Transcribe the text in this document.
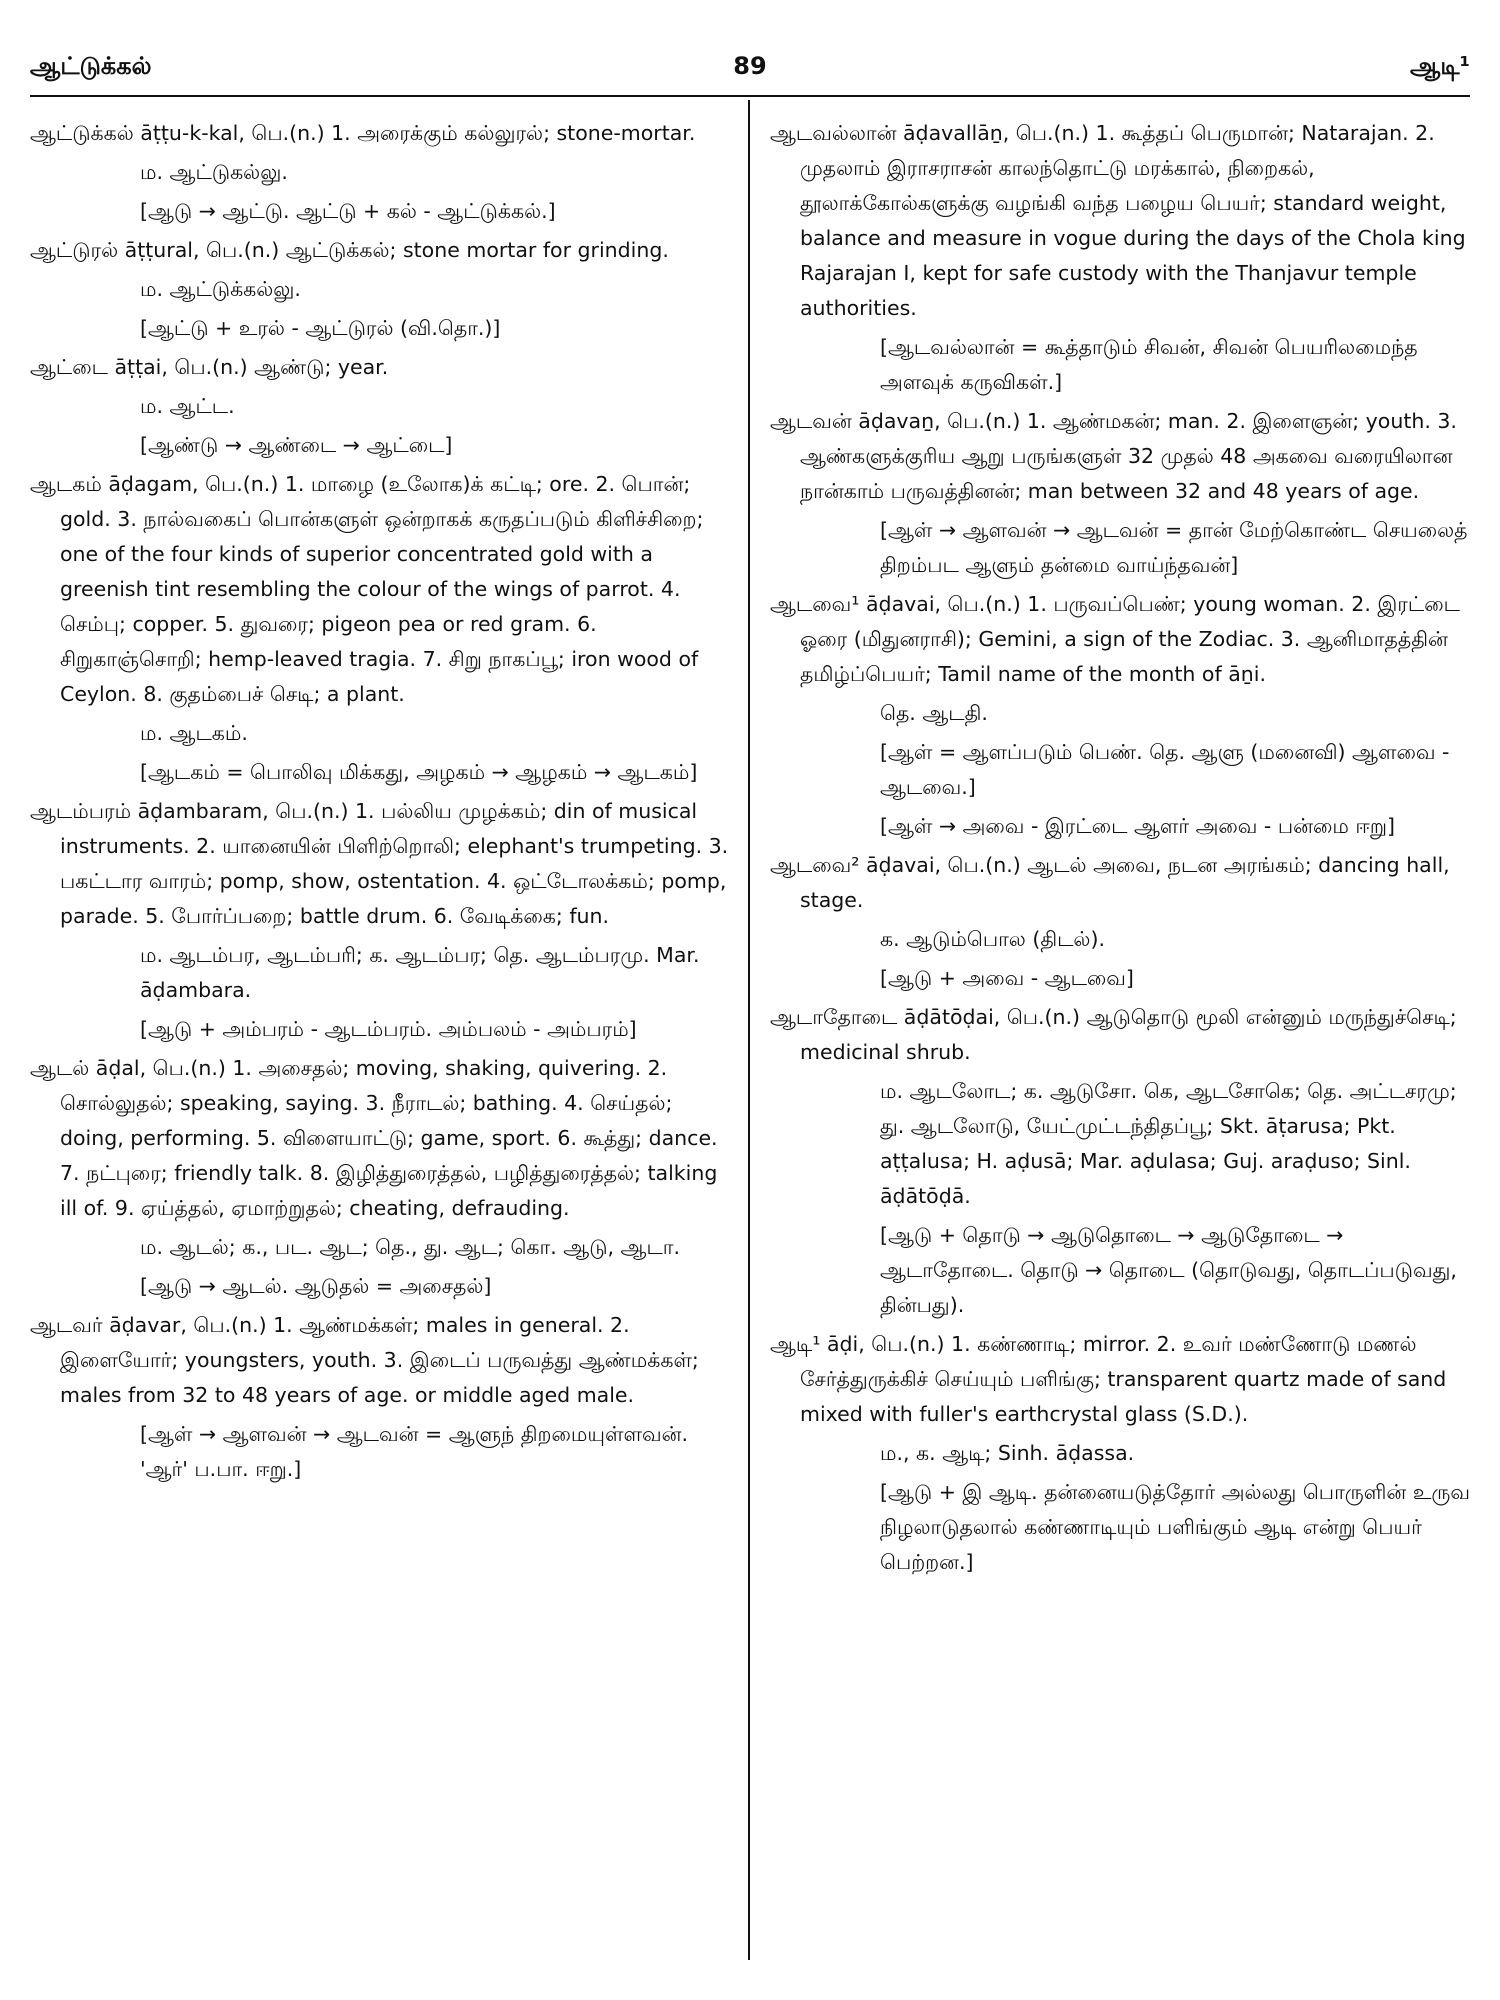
ஆட்டுக்கல்	89	ஆடி¹

ஆட்டுக்கல் āṭṭu-k-kal, பெ.(n.) 1. அரைக்கும் கல்லுரல்; stone-mortar.

ம. ஆட்டுகல்லு.

[ஆடு → ஆட்டு. ஆட்டு + கல் - ஆட்டுக்கல்.]

ஆட்டுரல் āṭṭural, பெ.(n.) ஆட்டுக்கல்; stone mortar for grinding.

ம. ஆட்டுக்கல்லு.

[ஆட்டு + உரல் - ஆட்டுரல் (வி.தொ.)]

ஆட்டை āṭṭai, பெ.(n.) ஆண்டு; year.

ம. ஆட்ட.

[ஆண்டு → ஆண்டை → ஆட்டை]

ஆடகம் āḍagam, பெ.(n.) 1. மாழை (உலோக)க் கட்டி; ore. 2. பொன்; gold. 3. நால்வகைப் பொன்களுள் ஒன்றாகக் கருதப்படும் கிளிச்சிறை; one of the four kinds of superior concentrated gold with a greenish tint resembling the colour of the wings of parrot. 4. செம்பு; copper. 5. துவரை; pigeon pea or red gram. 6. சிறுகாஞ்சொறி; hemp-leaved tragia. 7. சிறு நாகப்பூ; iron wood of Ceylon. 8. குதம்பைச் செடி; a plant.

ம. ஆடகம்.

[ஆடகம் = பொலிவு மிக்கது, அழகம் → ஆழகம் → ஆடகம்]

ஆடம்பரம் āḍambaram, பெ.(n.) 1. பல்லிய முழக்கம்; din of musical instruments. 2. யானையின் பிளிற்றொலி; elephant's trumpeting. 3. பகட்டார வாரம்; pomp, show, ostentation. 4. ஒட்டோலக்கம்; pomp, parade. 5. போர்ப்பறை; battle drum. 6. வேடிக்கை; fun.

ம. ஆடம்பர, ஆடம்பரி; க. ஆடம்பர; தெ. ஆடம்பரமு. Mar. āḍambara.

[ஆடு + அம்பரம் - ஆடம்பரம். அம்பலம் - அம்பரம்]

ஆடல் āḍal, பெ.(n.) 1. அசைதல்; moving, shaking, quivering. 2. சொல்லுதல்; speaking, saying. 3. நீராடல்; bathing. 4. செய்தல்; doing, performing. 5. விளையாட்டு; game, sport. 6. கூத்து; dance. 7. நட்புரை; friendly talk. 8. இழித்துரைத்தல், பழித்துரைத்தல்; talking ill of. 9. ஏய்த்தல், ஏமாற்றுதல்; cheating, defrauding.

ம. ஆடல்; க., பட. ஆட; தெ., து. ஆட; கொ. ஆடு, ஆடா.

[ஆடு → ஆடல். ஆடுதல் = அசைதல்]

ஆடவர் āḍavar, பெ.(n.) 1. ஆண்மக்கள்; males in general. 2. இளையோர்; youngsters, youth. 3. இடைப் பருவத்து ஆண்மக்கள்; males from 32 to 48 years of age. or middle aged male.

[ஆள் → ஆளவன் → ஆடவன் = ஆளுந் திறமையுள்ளவன். 'ஆர்' ப.பா. ஈறு.]

ஆடவல்லான் āḍavallāṉ, பெ.(n.) 1. கூத்தப் பெருமான்; Natarajan. 2. முதலாம் இராசராசன் காலந்தொட்டு மரக்கால், நிறைகல், தூலாக்கோல்களுக்கு வழங்கி வந்த பழைய பெயர்; standard weight, balance and measure in vogue during the days of the Chola king Rajarajan I, kept for safe custody with the Thanjavur temple authorities.

[ஆடவல்லான் = கூத்தாடும் சிவன், சிவன் பெயரிலமைந்த அளவுக் கருவிகள்.]

ஆடவன் āḍavaṉ, பெ.(n.) 1. ஆண்மகன்; man. 2. இளைஞன்; youth. 3. ஆண்களுக்குரிய ஆறு பருங்களுள் 32 முதல் 48 அகவை வரையிலான நான்காம் பருவத்தினன்; man between 32 and 48 years of age.

[ஆள் → ஆளவன் → ஆடவன் = தான் மேற்கொண்ட செயலைத் திறம்பட ஆளும் தன்மை வாய்ந்தவன்]

ஆடவை¹ āḍavai, பெ.(n.) 1. பருவப்பெண்; young woman. 2. இரட்டை ஓரை (மிதுனராசி); Gemini, a sign of the Zodiac. 3. ஆனிமாதத்தின் தமிழ்ப்பெயர்; Tamil name of the month of āṉi.

தெ. ஆடதி.

[ஆள் = ஆளப்படும் பெண். தெ. ஆளு (மனைவி) ஆளவை - ஆடவை.]

[ஆள் → அவை - இரட்டை ஆளர் அவை - பன்மை ஈறு]

ஆடவை² āḍavai, பெ.(n.) ஆடல் அவை, நடன அரங்கம்; dancing hall, stage.

க. ஆடும்பொல (திடல்).

[ஆடு + அவை - ஆடவை]

ஆடாதோடை āḍātōḍai, பெ.(n.) ஆடுதொடு மூலி என்னும் மருந்துச்செடி; medicinal shrub.

ம. ஆடலோட; க. ஆடுசோ. கெ, ஆடசோகெ; தெ. அட்டசரமு; து. ஆடலோடு, யேட்முட்டந்திதப்பூ; Skt. āṭarusa; Pkt. aṭṭalusa; H. aḍusā; Mar. aḍulasa; Guj. araḍuso; Sinl. āḍātōḍā.

[ஆடு + தொடு → ஆடுதொடை → ஆடுதோடை → ஆடாதோடை. தொடு → தொடை (தொடுவது, தொடப்படுவது, தின்பது).

ஆடி¹ āḍi, பெ.(n.) 1. கண்ணாடி; mirror. 2. உவர் மண்ணோடு மணல் சேர்த்துருக்கிச் செய்யும் பளிங்கு; transparent quartz made of sand mixed with fuller's earthcrystal glass (S.D.).

ம., க. ஆடி; Sinh. āḍassa.

[ஆடு + இ ஆடி. தன்னையடுத்தோர் அல்லது பொருளின் உருவ நிழலாடுதலால் கண்ணாடியும் பளிங்கும் ஆடி என்று பெயர் பெற்றன.]
